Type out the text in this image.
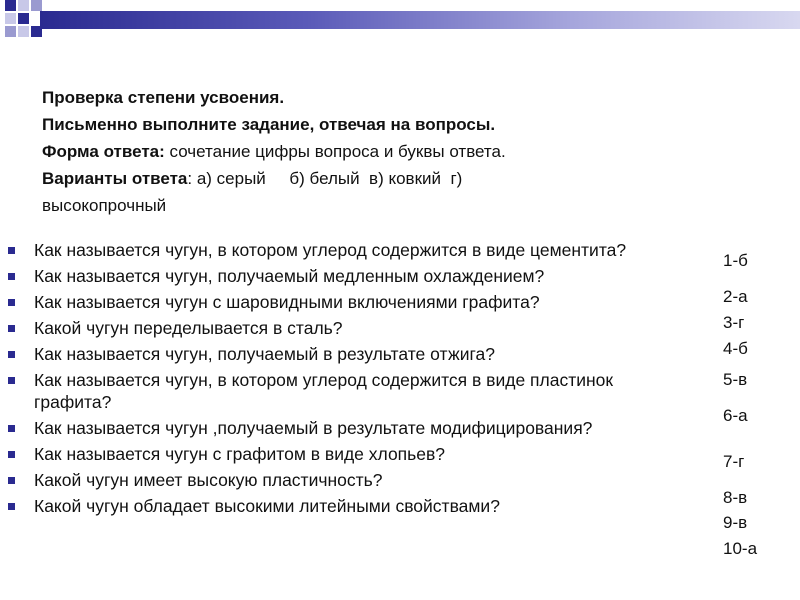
Проверка степени усвоения.
Письменно выполните задание, отвечая на вопросы.
Форма ответа: сочетание цифры вопроса и буквы ответа.
Варианты ответа: а) серый     б) белый  в) ковкий  г)
высокопрочный
Как называется чугун, в котором углерод содержится в виде цементита?
Как называется чугун, получаемый медленным охлаждением?
Как называется чугун с шаровидными включениями графита?
Какой чугун переделывается в сталь?
Как называется чугун, получаемый в результате отжига?
Как называется чугун, в котором углерод содержится в виде пластинок графита?
Как называется чугун ,получаемый в результате модифицирования?
Как называется чугун с графитом в виде хлопьев?
Какой чугун имеет высокую пластичность?
Какой чугун обладает высокими литейными свойствами?
1-б
2-а
3-г
4-б
5-в
6-а
7-г
8-в
9-в
10-а
